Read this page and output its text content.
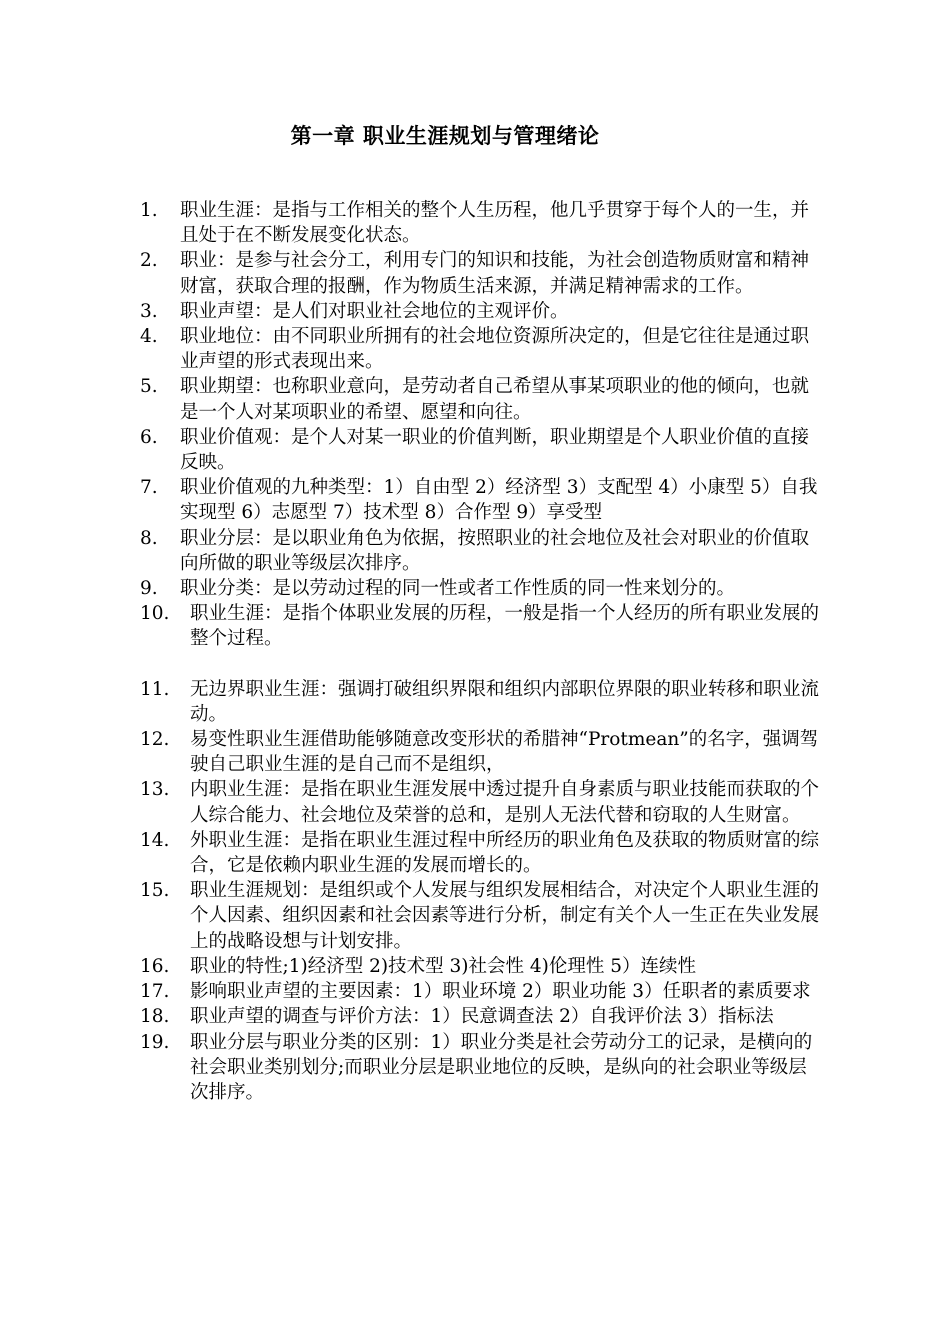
第一章 职业生涯规划与管理绪论
1.	职业生涯：是指与工作相关的整个人生历程，他几乎贯穿于每个人的一生，并且处于在不断发展变化状态。
2.	职业：是参与社会分工，利用专门的知识和技能，为社会创造物质财富和精神财富，获取合理的报酬，作为物质生活来源，并满足精神需求的工作。
3.	职业声望：是人们对职业社会地位的主观评价。
4.	职业地位：由不同职业所拥有的社会地位资源所决定的，但是它往往是通过职业声望的形式表现出来。
5.	职业期望：也称职业意向，是劳动者自己希望从事某项职业的他的倾向，也就是一个人对某项职业的希望、愿望和向往。
6.	职业价值观：是个人对某一职业的价值判断，职业期望是个人职业价值的直接反映。
7.	职业价值观的九种类型：1）自由型 2）经济型 3）支配型 4）小康型 5）自我实现型 6）志愿型 7）技术型 8）合作型 9）享受型
8.	职业分层：是以职业角色为依据，按照职业的社会地位及社会对职业的价值取向所做的职业等级层次排序。
9.	职业分类：是以劳动过程的同一性或者工作性质的同一性来划分的。
10.	职业生涯：是指个体职业发展的历程，一般是指一个人经历的所有职业发展的整个过程。
11.	无边界职业生涯：强调打破组织界限和组织内部职位界限的职业转移和职业流动。
12.	易变性职业生涯借助能够随意改变形状的希腊神“Protmean”的名字，强调驾驶自己职业生涯的是自己而不是组织，
13.	内职业生涯：是指在职业生涯发展中透过提升自身素质与职业技能而获取的个人综合能力、社会地位及荣誉的总和，是别人无法代替和窃取的人生财富。
14.	外职业生涯：是指在职业生涯过程中所经历的职业角色及获取的物质财富的综合，它是依赖内职业生涯的发展而增长的。
15.	职业生涯规划：是组织或个人发展与组织发展相结合，对决定个人职业生涯的个人因素、组织因素和社会因素等进行分析，制定有关个人一生正在失业发展上的战略设想与计划安排。
16.	职业的特性;1)经济型 2)技术型 3)社会性 4)伦理性 5）连续性
17.	影响职业声望的主要因素：1）职业环境 2）职业功能 3）任职者的素质要求
18.	职业声望的调查与评价方法：1）民意调查法 2）自我评价法 3）指标法
19.	职业分层与职业分类的区别：1）职业分类是社会劳动分工的记录，是横向的社会职业类别划分;而职业分层是职业地位的反映，是纵向的社会职业等级层次排序。
